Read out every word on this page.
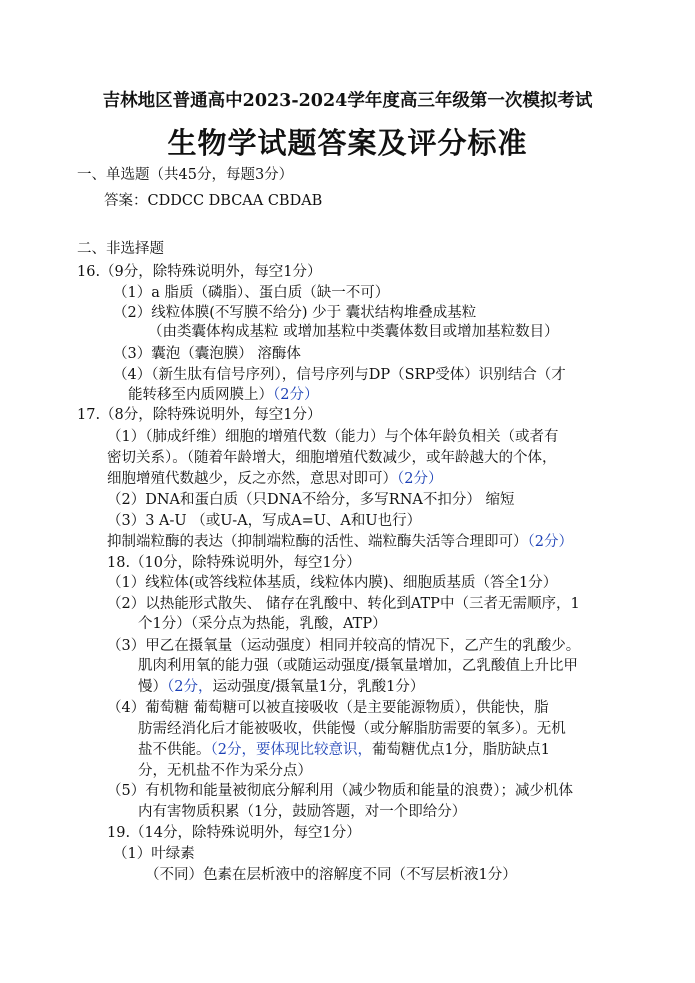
吉林地区普通高中2023-2024学年度高三年级第一次模拟考试
生物学试题答案及评分标准
一、单选题（共45分，每题3分）
答案：CDDCC DBCAA CBDAB
二、非选择题
16.（9分，除特殊说明外，每空1分）
（1）a 脂质（磷脂）、蛋白质（缺一不可）
（2）线粒体膜(不写膜不给分) 少于 囊状结构堆叠成基粒
（由类囊体构成基粒 或增加基粒中类囊体数目或增加基粒数目）
（3）囊泡（囊泡膜） 溶酶体
（4）（新生肽有信号序列），信号序列与DP（SRP受体）识别结合（才
能转移至内质网膜上）（2分）
17.（8分，除特殊说明外，每空1分）
（1）（肺成纤维）细胞的增殖代数（能力）与个体年龄负相关（或者有
密切关系）。（随着年龄增大，细胞增殖代数减少，或年龄越大的个体，
细胞增殖代数越少，反之亦然，意思对即可）（2分）
（2）DNA和蛋白质（只DNA不给分，多写RNA不扣分） 缩短
（3）3 A-U （或U-A，写成A=U、A和U也行）
抑制端粒酶的表达（抑制端粒酶的活性、端粒酶失活等合理即可）（2分）
18.（10分，除特殊说明外，每空1分）
（1）线粒体(或答线粒体基质，线粒体内膜)、细胞质基质（答全1分）
（2）以热能形式散失、 储存在乳酸中、转化到ATP中（三者无需顺序，1
个1分）（采分点为热能，乳酸，ATP）
（3）甲乙在摄氧量（运动强度）相同并较高的情况下，乙产生的乳酸少。
肌肉利用氧的能力强（或随运动强度/摄氧量增加，乙乳酸值上升比甲
慢）（2分，运动强度/摄氧量1分，乳酸1分）
（4）葡萄糖 葡萄糖可以被直接吸收（是主要能源物质），供能快，脂
肪需经消化后才能被吸收，供能慢（或分解脂肪需要的氧多）。无机
盐不供能。（2分，要体现比较意识，葡萄糖优点1分，脂肪缺点1
分，无机盐不作为采分点）
（5）有机物和能量被彻底分解利用（减少物质和能量的浪费）；减少机体
内有害物质积累（1分，鼓励答题，对一个即给分）
19.（14分，除特殊说明外，每空1分）
（1）叶绿素
（不同）色素在层析液中的溶解度不同（不写层析液1分）
